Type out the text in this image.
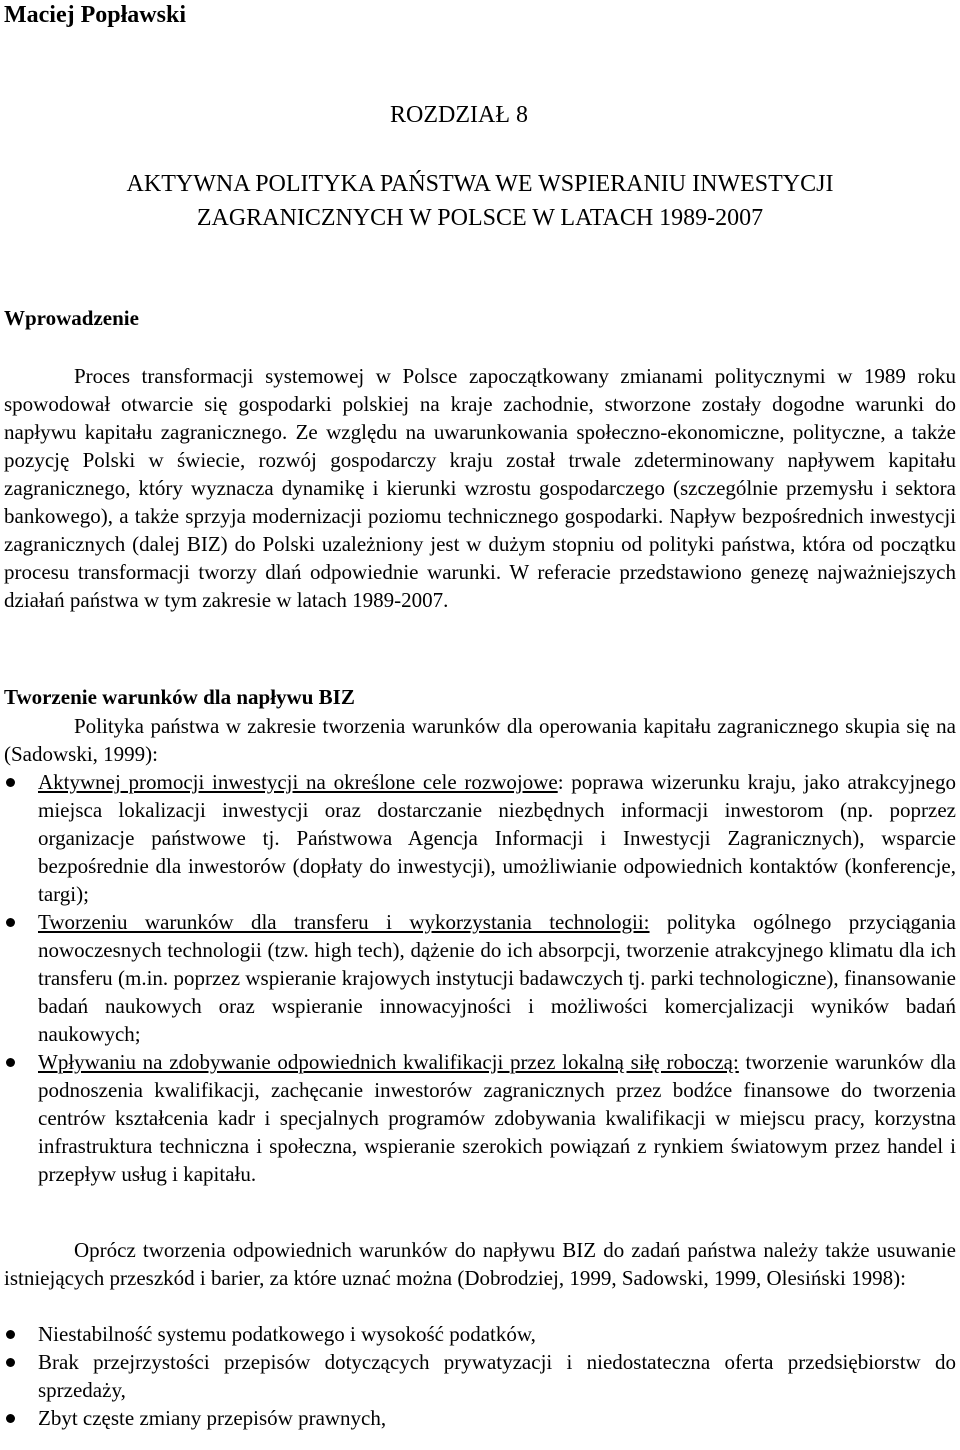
Maciej Popławski
ROZDZIAŁ 8
AKTYWNA POLITYKA PAŃSTWA WE WSPIERANIU INWESTYCJI
ZAGRANICZNYCH W POLSCE W LATACH 1989-2007
Wprowadzenie

Proces transformacji systemowej w Polsce zapoczątkowany zmianami politycznymi w 1989 roku spowodował otwarcie się gospodarki polskiej na kraje zachodnie, stworzone zostały dogodne warunki do napływu kapitału zagranicznego. Ze względu na uwarunkowania społeczno-ekonomiczne, polityczne, a także pozycję Polski w świecie, rozwój gospodarczy kraju został trwale zdeterminowany napływem kapitału zagranicznego, który wyznacza dynamikę i kierunki wzrostu gospodarczego (szczególnie przemysłu i sektora bankowego), a także sprzyja modernizacji poziomu technicznego gospodarki. Napływ bezpośrednich inwestycji zagranicznych (dalej BIZ) do Polski uzależniony jest w dużym stopniu od polityki państwa, która od początku procesu transformacji tworzy dlań odpowiednie warunki. W referacie przedstawiono genezę najważniejszych działań państwa w tym zakresie w latach 1989-2007.

Tworzenie warunków dla napływu BIZ

Polityka państwa w zakresie tworzenia warunków dla operowania kapitału zagranicznego skupia się na (Sadowski, 1999):

Aktywnej promocji inwestycji na określone cele rozwojowe: poprawa wizerunku kraju, jako atrakcyjnego miejsca lokalizacji inwestycji oraz dostarczanie niezbędnych informacji inwestorom (np. poprzez organizacje państwowe tj. Państwowa Agencja Informacji i Inwestycji Zagranicznych), wsparcie bezpośrednie dla inwestorów (dopłaty do inwestycji), umożliwianie odpowiednich kontaktów (konferencje, targi);
Tworzeniu warunków dla transferu i wykorzystania technologii: polityka ogólnego przyciągania nowoczesnych technologii (tzw. high tech), dążenie do ich absorpcji, tworzenie atrakcyjnego klimatu dla ich transferu (m.in. poprzez wspieranie krajowych instytucji badawczych tj. parki technologiczne), finansowanie badań naukowych oraz wspieranie innowacyjności i możliwości komercjalizacji wyników badań naukowych;
Wpływaniu na zdobywanie odpowiednich kwalifikacji przez lokalną siłę roboczą: tworzenie warunków dla podnoszenia kwalifikacji, zachęcanie inwestorów zagranicznych przez bodźce finansowe do tworzenia centrów kształcenia kadr i specjalnych programów zdobywania kwalifikacji w miejscu pracy, korzystna infrastruktura techniczna i społeczna, wspieranie szerokich powiązań z rynkiem światowym przez handel i przepływ usług i kapitału.

Oprócz tworzenia odpowiednich warunków do napływu BIZ do zadań państwa należy także usuwanie istniejących przeszkód i barier, za które uznać można (Dobrodziej, 1999, Sadowski, 1999, Olesiński 1998):

Niestabilność systemu podatkowego i wysokość podatków,
Brak przejrzystości przepisów dotyczących prywatyzacji i niedostateczna oferta przedsiębiorstw do sprzedaży,
Zbyt częste zmiany przepisów prawnych,
